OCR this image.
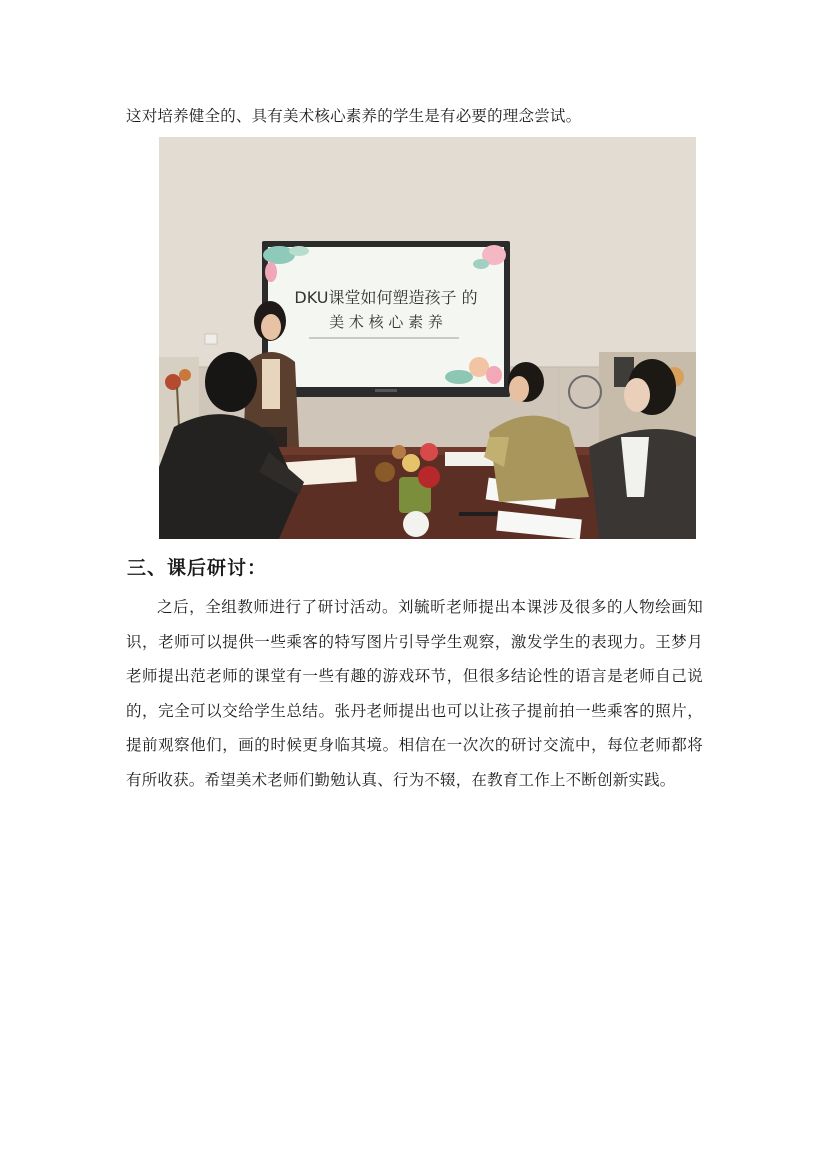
这对培养健全的、具有美术核心素养的学生是有必要的理念尝试。
DKU课堂如何塑造孩子 的
美 术 核 心 素 养
三、课后研讨：
之后，全组教师进行了研讨活动。刘毓昕老师提出本课涉及很多的人物绘画知识，老师可以提供一些乘客的特写图片引导学生观察，激发学生的表现力。王梦月老师提出范老师的课堂有一些有趣的游戏环节，但很多结论性的语言是老师自己说的，完全可以交给学生总结。张丹老师提出也可以让孩子提前拍一些乘客的照片，提前观察他们，画的时候更身临其境。相信在一次次的研讨交流中，每位老师都将有所收获。希望美术老师们勤勉认真、行为不辍，在教育工作上不断创新实践。
